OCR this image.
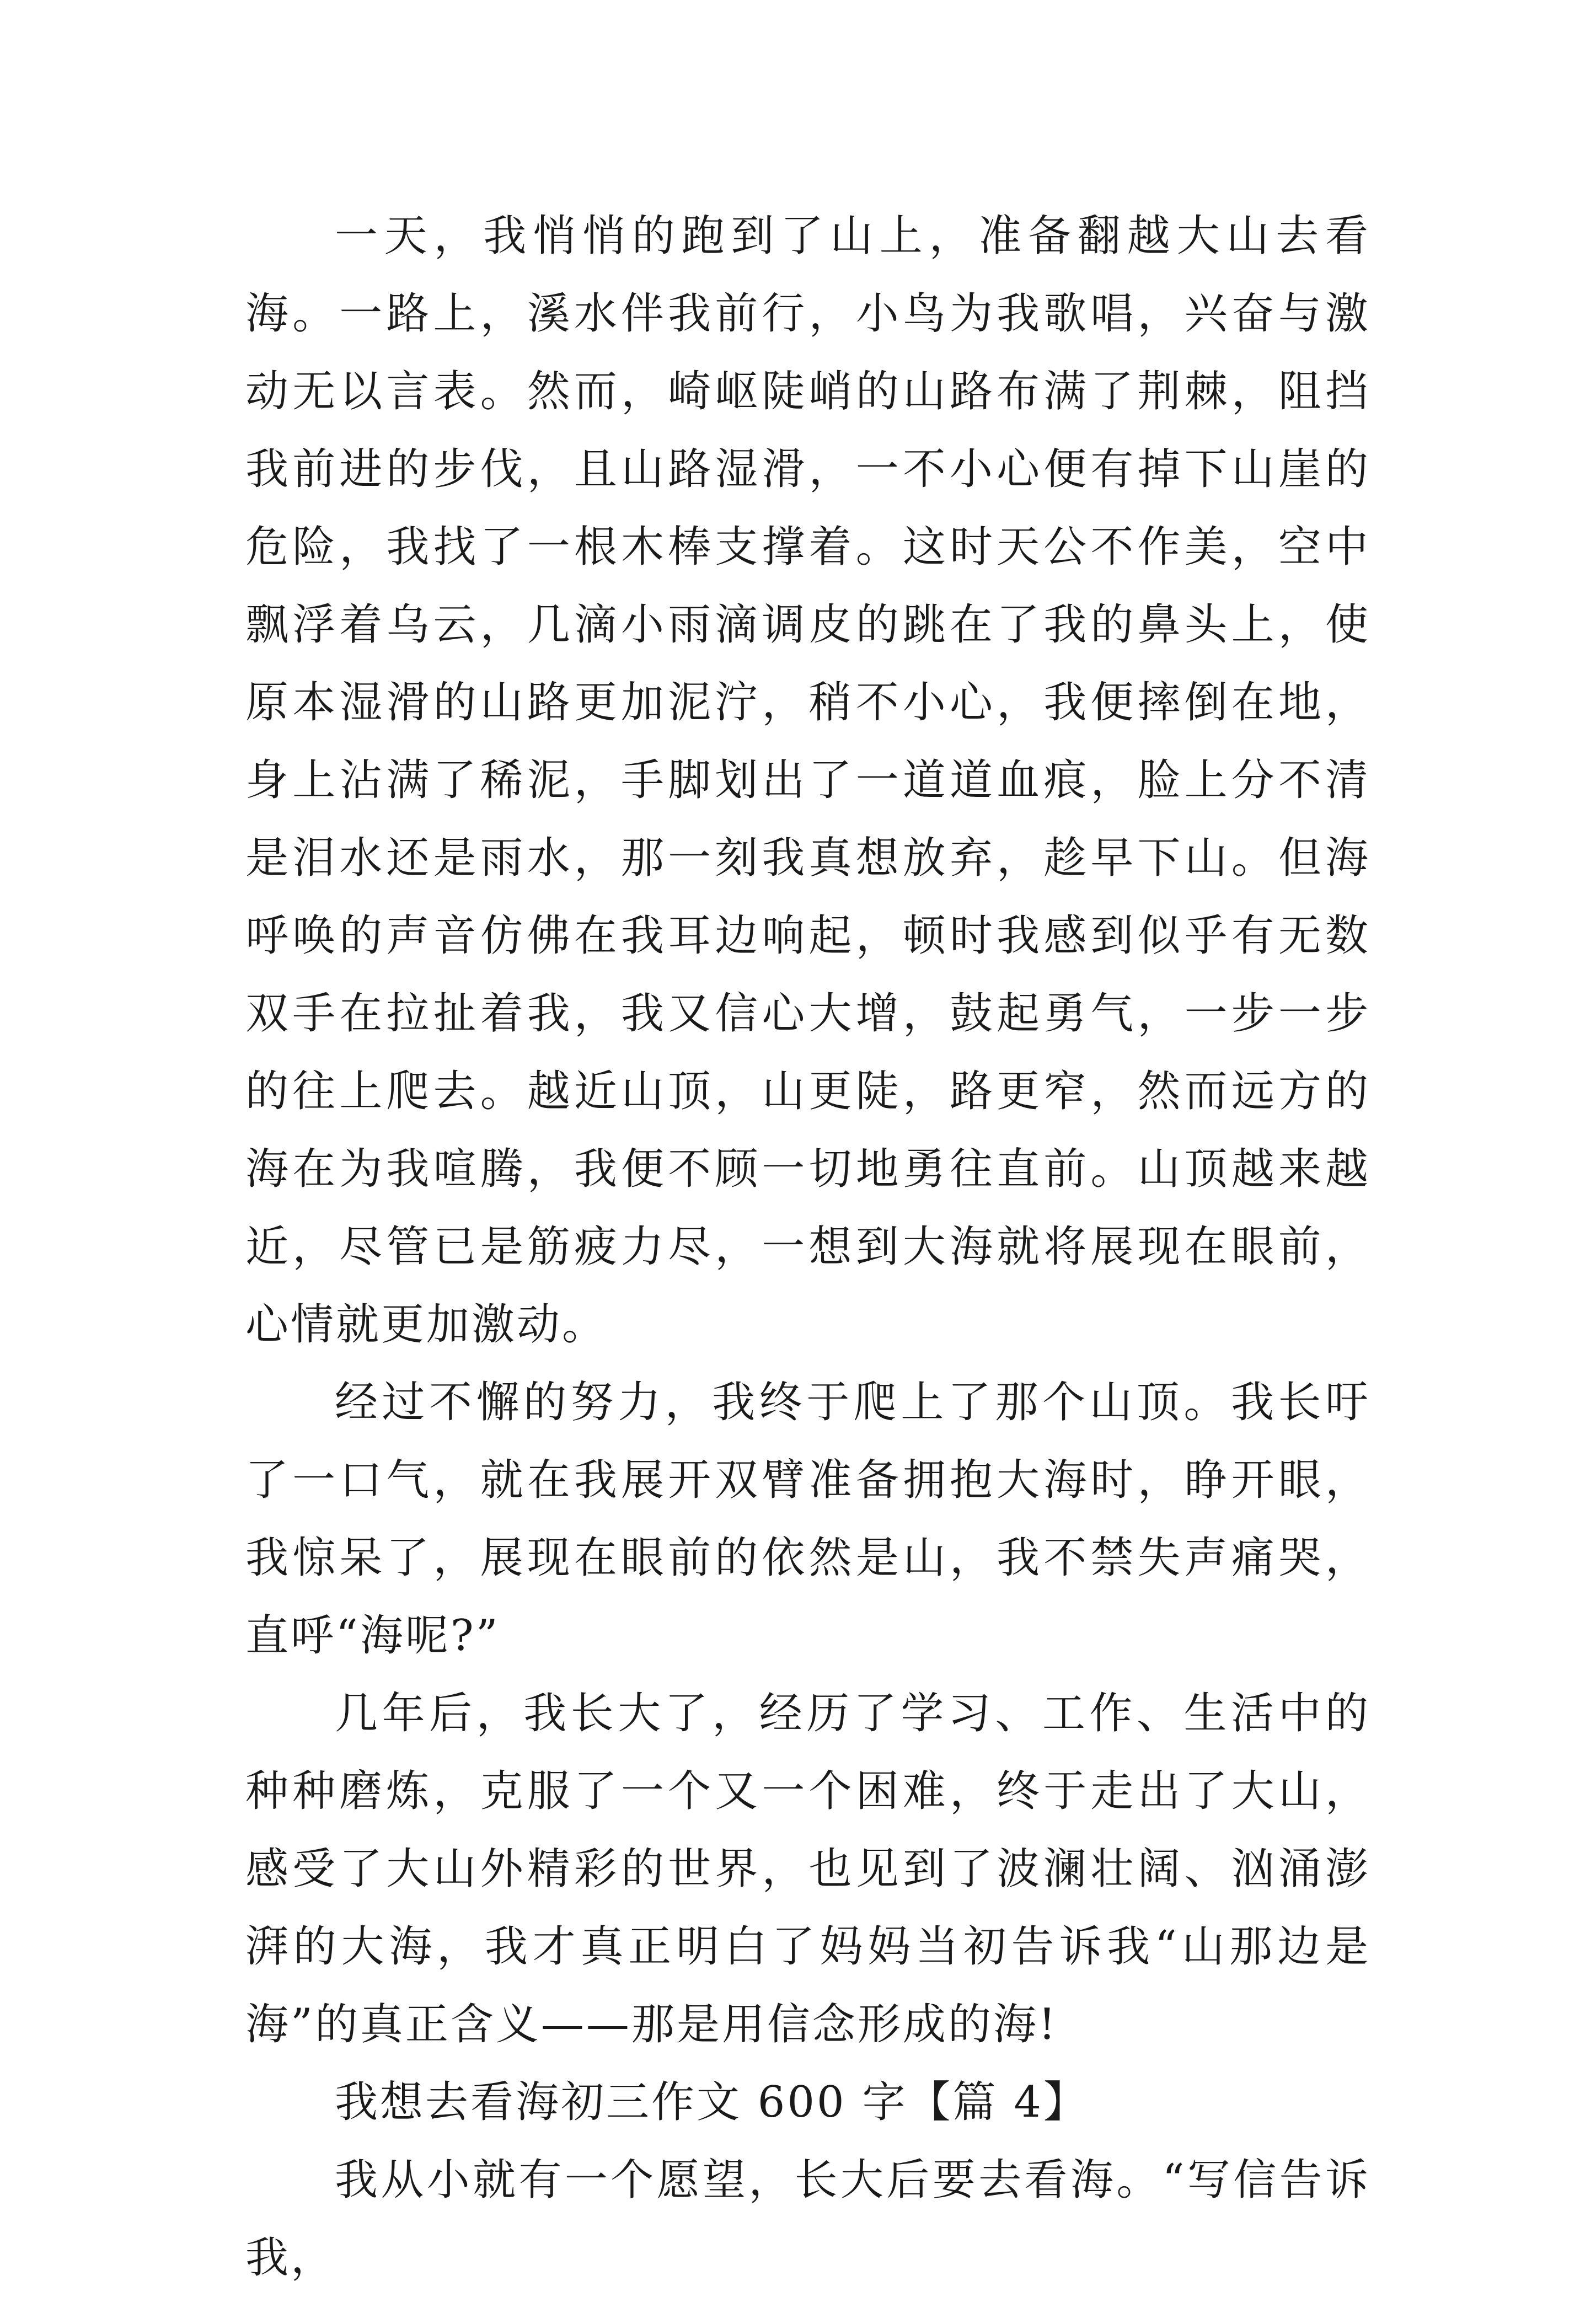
一天，我悄悄的跑到了山上，准备翻越大山去看海。一路上，溪水伴我前行，小鸟为我歌唱，兴奋与激动无以言表。然而，崎岖陡峭的山路布满了荆棘，阻挡我前进的步伐，且山路湿滑，一不小心便有掉下山崖的危险，我找了一根木棒支撑着。这时天公不作美，空中飘浮着乌云，几滴小雨滴调皮的跳在了我的鼻头上，使原本湿滑的山路更加泥泞，稍不小心，我便摔倒在地，身上沾满了稀泥，手脚划出了一道道血痕，脸上分不清是泪水还是雨水，那一刻我真想放弃，趁早下山。但海呼唤的声音仿佛在我耳边响起，顿时我感到似乎有无数双手在拉扯着我，我又信心大增，鼓起勇气，一步一步的往上爬去。越近山顶，山更陡，路更窄，然而远方的海在为我喧腾，我便不顾一切地勇往直前。山顶越来越近，尽管已是筋疲力尽，一想到大海就将展现在眼前，心情就更加激动。

经过不懈的努力，我终于爬上了那个山顶。我长吁了一口气，就在我展开双臂准备拥抱大海时，睁开眼，我惊呆了，展现在眼前的依然是山，我不禁失声痛哭，直呼“海呢?”

几年后，我长大了，经历了学习、工作、生活中的种种磨炼，克服了一个又一个困难，终于走出了大山，感受了大山外精彩的世界，也见到了波澜壮阔、汹涌澎湃的大海，我才真正明白了妈妈当初告诉我“山那边是海”的真正含义——那是用信念形成的海!

我想去看海初三作文 600 字【篇 4】

我从小就有一个愿望，长大后要去看海。“写信告诉我，
